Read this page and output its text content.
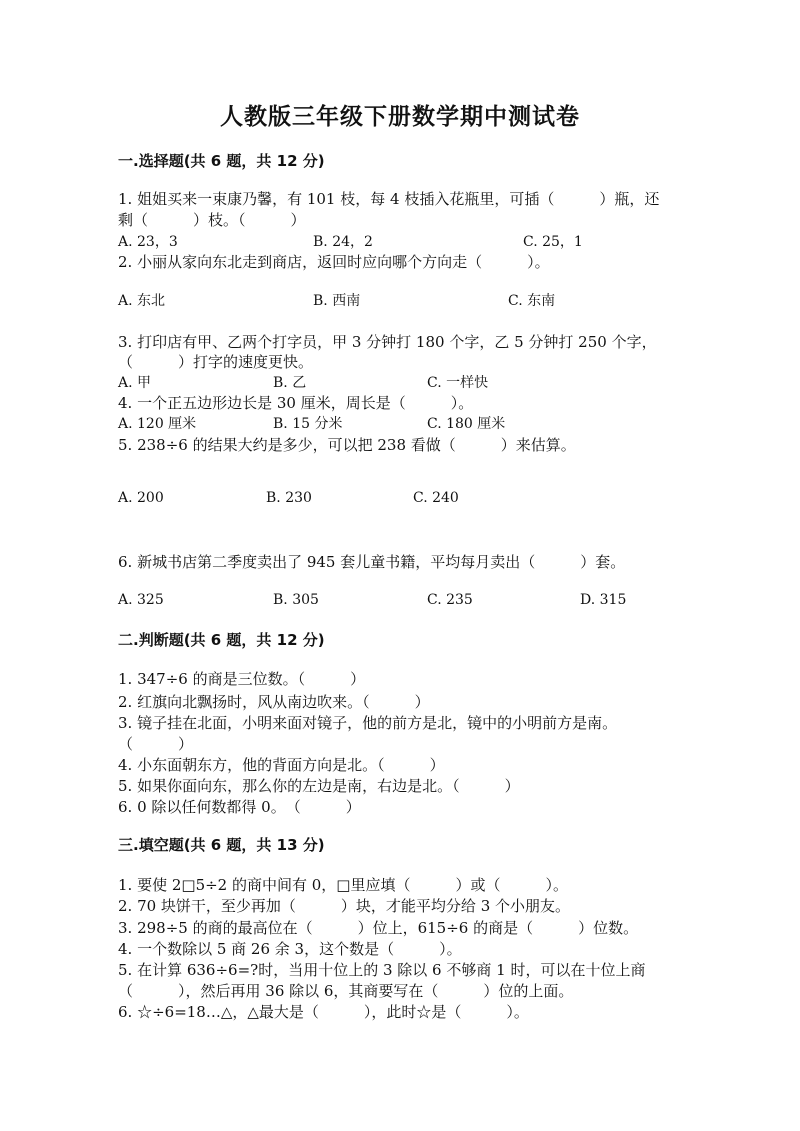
人教版三年级下册数学期中测试卷
一.选择题(共 6 题，共 12 分)
1. 姐姐买来一束康乃馨，有 101 枝，每 4 枝插入花瓶里，可插（　　　）瓶，还
剩（　　　）枝。（　　　）
A. 23，3	B. 24，2	C. 25，1
2. 小丽从家向东北走到商店，返回时应向哪个方向走（　　　）。
A. 东北	B. 西南	C. 东南
3. 打印店有甲、乙两个打字员，甲 3 分钟打 180 个字，乙 5 分钟打 250 个字，
（　　　）打字的速度更快。
A. 甲	B. 乙	C. 一样快
4. 一个正五边形边长是 30 厘米，周长是（　　　）。
A. 120 厘米	B. 15 分米	C. 180 厘米
5. 238÷6 的结果大约是多少，可以把 238 看做（　　　）来估算。
A. 200	B. 230	C. 240
6. 新城书店第二季度卖出了 945 套儿童书籍，平均每月卖出（　　　）套。
A. 325	B. 305	C. 235	D. 315
二.判断题(共 6 题，共 12 分)
1. 347÷6 的商是三位数。（　　　）
2. 红旗向北飘扬时，风从南边吹来。（　　　）
3. 镜子挂在北面，小明来面对镜子，他的前方是北，镜中的小明前方是南。
（　　　）
4. 小东面朝东方，他的背面方向是北。（　　　）
5. 如果你面向东，那么你的左边是南，右边是北。（　　　）
6. 0 除以任何数都得 0。　（　　　）
三.填空题(共 6 题，共 13 分)
1. 要使 2□5÷2 的商中间有 0，□里应填（　　　）或（　　　）。
2. 70 块饼干，至少再加（　　　）块，才能平均分给 3 个小朋友。
3. 298÷5 的商的最高位在（　　　）位上，615÷6 的商是（　　　）位数。
4. 一个数除以 5 商 26 余 3，这个数是（　　　）。
5. 在计算 636÷6=?时，当用十位上的 3 除以 6 不够商 1 时，可以在十位上商
（　　　），然后再用 36 除以 6，其商要写在（　　　）位的上面。
6. ☆÷6=18…△，△最大是（　　　），此时☆是（　　　）。
